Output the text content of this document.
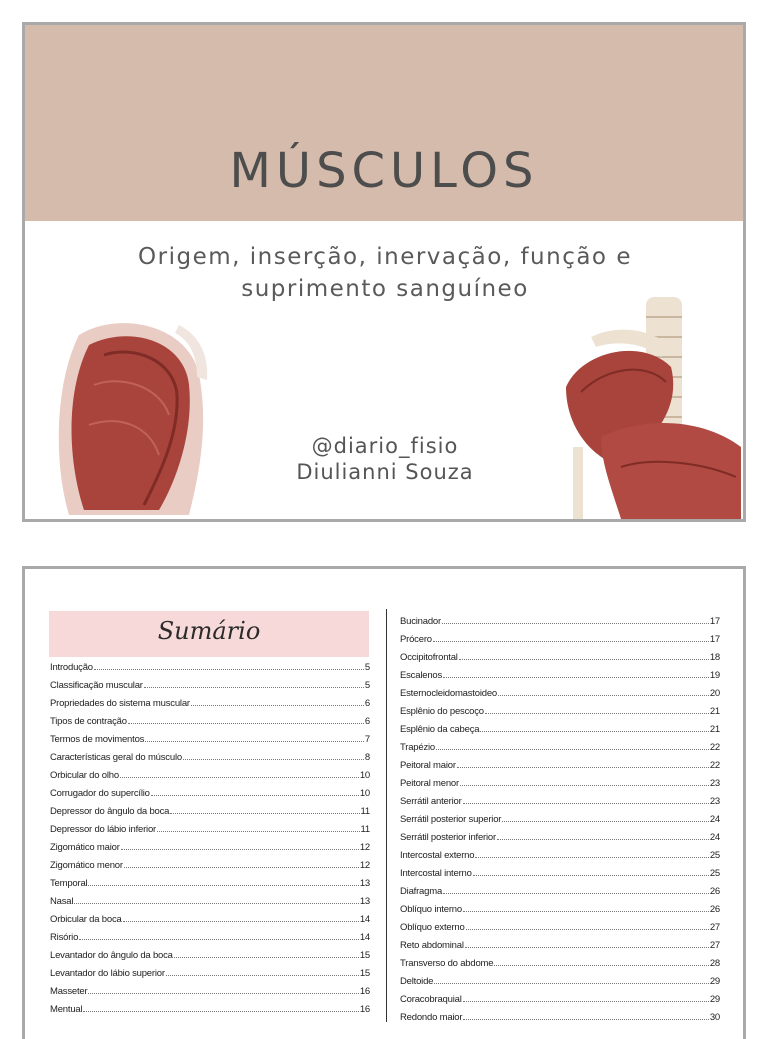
MÚSCULOS
Origem, inserção, inervação, função e suprimento sanguíneo
@diario_fisio
Diulianni Souza
Sumário
Introdução	5
Classificação muscular	5
Propriedades do sistema muscular	6
Tipos de contração	6
Termos de movimentos	7
Características geral do músculo	8
Orbicular do olho	10
Corrugador do supercílio	10
Depressor do ângulo da boca	11
Depressor do lábio inferior	11
Zigomático maior	12
Zigomático menor	12
Temporal	13
Nasal	13
Orbicular da boca	14
Risório	14
Levantador do ângulo da boca	15
Levantador do lábio superior	15
Masseter	16
Mentual	16
Bucinador	17
Prócero	17
Occipitofrontal	18
Escalenos	19
Esternocleidomastoideo	20
Esplênio do pescoço	21
Esplênio da cabeça	21
Trapézio	22
Peitoral maior	22
Peitoral menor	23
Serrátil anterior	23
Serrátil posterior superior	24
Serrátil posterior inferior	24
Intercostal externo	25
Intercostal interno	25
Diafragma	26
Oblíquo interno	26
Oblíquo externo	27
Reto abdominal	27
Transverso do abdome	28
Deltoide	29
Coracobraquial	29
Redondo maior	30
